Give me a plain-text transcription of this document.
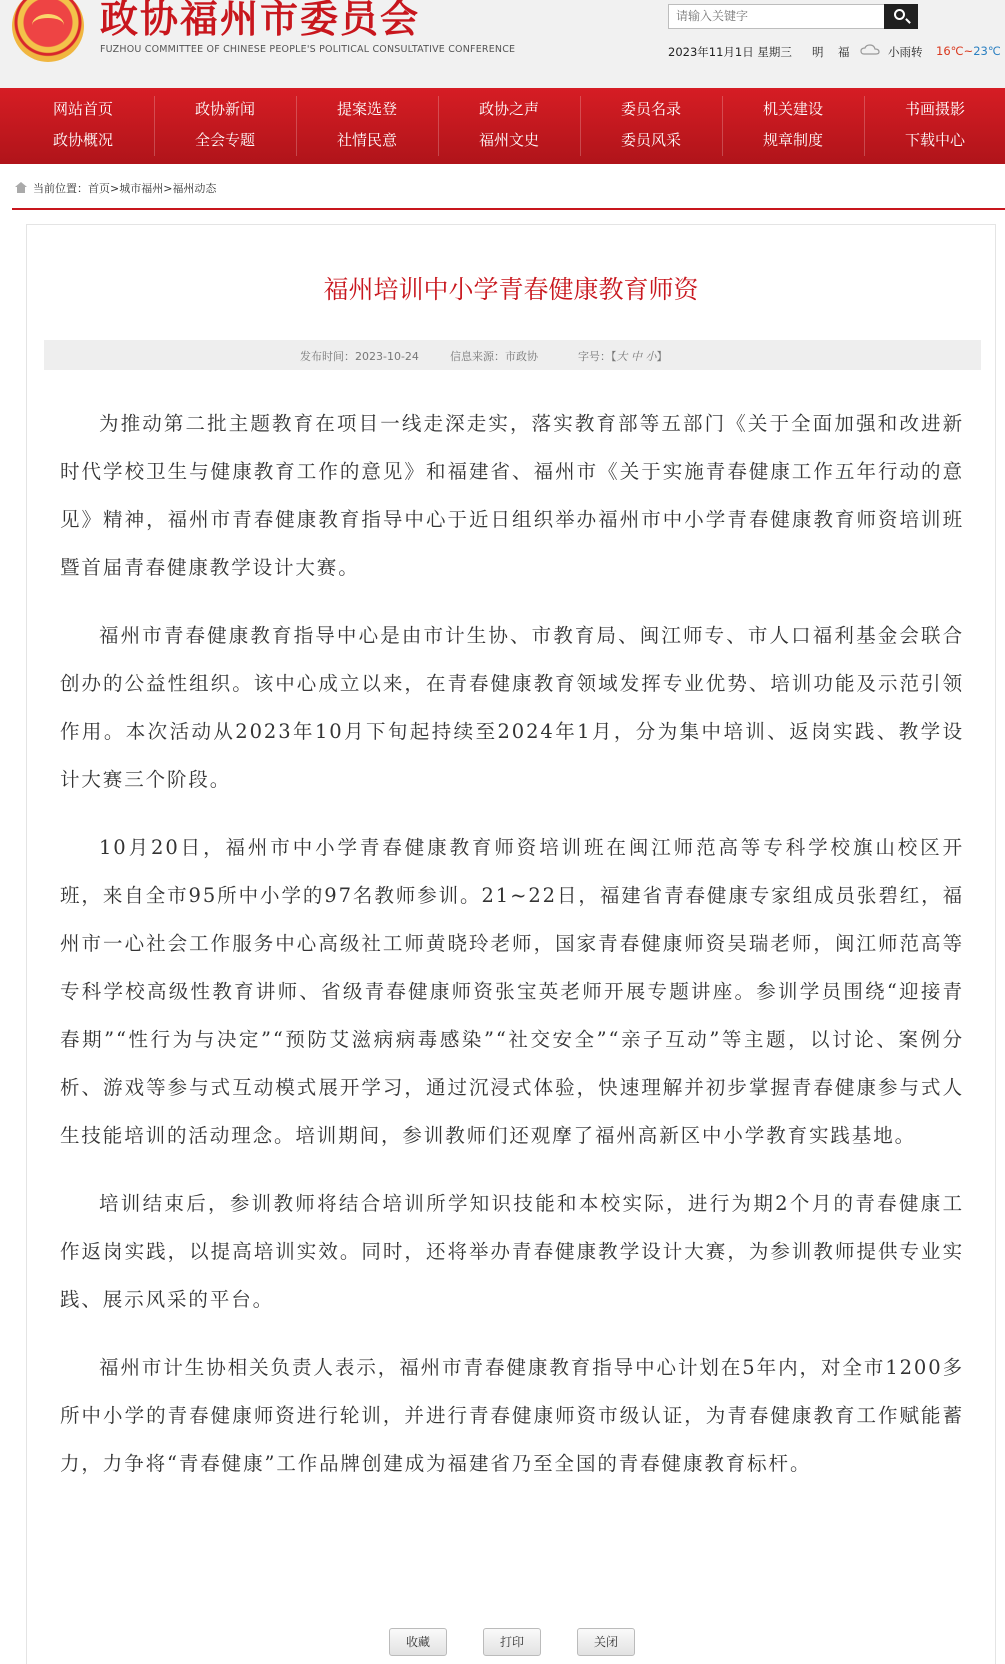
政协福州市委员会
FUZHOU COMMITTEE OF CHINESE PEOPLE'S POLITICAL CONSULTATIVE CONFERENCE
请输入关键字
2023年11月1日 星期三 明 福	小雨转 16℃~23℃
网站首页	政协新闻	提案选登	政协之声	委员名录	机关建设	书画摄影
政协概况	全会专题	社情民意	福州文史	委员风采	规章制度	下载中心
当前位置：首页>城市福州>福州动态
福州培训中小学青春健康教育师资
发布时间：2023-10-24	信息来源：市政协	字号：【大 中 小】

为推动第二批主题教育在项目一线走深走实，落实教育部等五部门《关于全面加强和改进新时代学校卫生与健康教育工作的意见》和福建省、福州市《关于实施青春健康工作五年行动的意见》精神，福州市青春健康教育指导中心于近日组织举办福州市中小学青春健康教育师资培训班暨首届青春健康教学设计大赛。

福州市青春健康教育指导中心是由市计生协、市教育局、闽江师专、市人口福利基金会联合创办的公益性组织。该中心成立以来，在青春健康教育领域发挥专业优势、培训功能及示范引领作用。本次活动从2023年10月下旬起持续至2024年1月，分为集中培训、返岗实践、教学设计大赛三个阶段。

10月20日，福州市中小学青春健康教育师资培训班在闽江师范高等专科学校旗山校区开班，来自全市95所中小学的97名教师参训。21~22日，福建省青春健康专家组成员张碧红，福州市一心社会工作服务中心高级社工师黄晓玲老师，国家青春健康师资吴瑞老师，闽江师范高等专科学校高级性教育讲师、省级青春健康师资张宝英老师开展专题讲座。参训学员围绕“迎接青春期”“性行为与决定”“预防艾滋病病毒感染”“社交安全”“亲子互动”等主题，以讨论、案例分析、游戏等参与式互动模式展开学习，通过沉浸式体验，快速理解并初步掌握青春健康参与式人生技能培训的活动理念。培训期间，参训教师们还观摩了福州高新区中小学教育实践基地。

培训结束后，参训教师将结合培训所学知识技能和本校实际，进行为期2个月的青春健康工作返岗实践，以提高培训实效。同时，还将举办青春健康教学设计大赛，为参训教师提供专业实践、展示风采的平台。

福州市计生协相关负责人表示，福州市青春健康教育指导中心计划在5年内，对全市1200多所中小学的青春健康师资进行轮训，并进行青春健康师资市级认证，为青春健康教育工作赋能蓄力，力争将“青春健康”工作品牌创建成为福建省乃至全国的青春健康教育标杆。

收藏	打印	关闭
